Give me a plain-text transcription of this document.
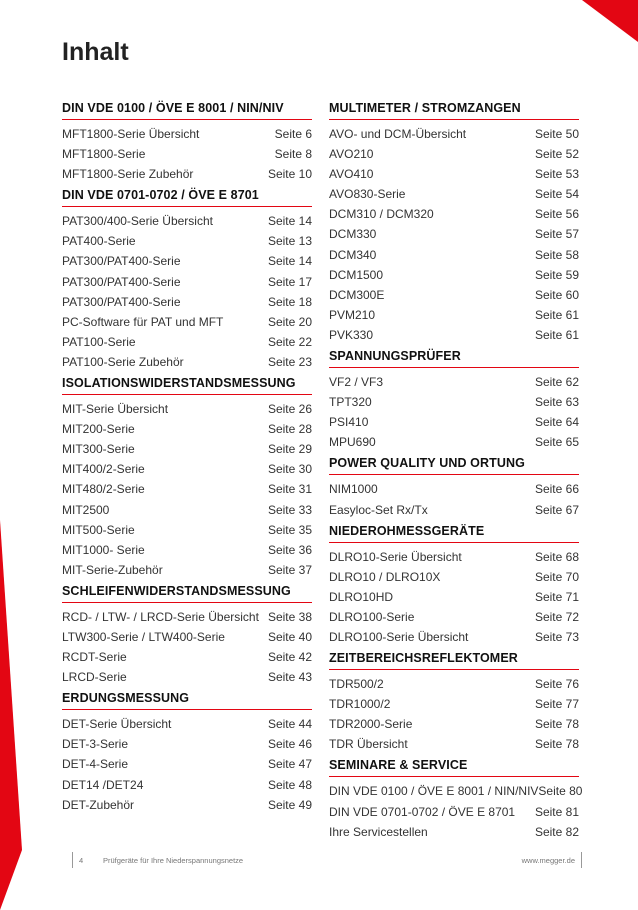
Inhalt
DIN VDE 0100 / ÖVE E 8001 / NIN/NIV
MFT1800-Serie Übersicht	Seite 6
MFT1800-Serie	Seite 8
MFT1800-Serie Zubehör	Seite 10
DIN VDE 0701-0702 / ÖVE E 8701
PAT300/400-Serie Übersicht	Seite 14
PAT400-Serie	Seite 13
PAT300/PAT400-Serie	Seite 14
PAT300/PAT400-Serie	Seite 17
PAT300/PAT400-Serie	Seite 18
PC-Software für PAT und MFT	Seite 20
PAT100-Serie	Seite 22
PAT100-Serie Zubehör	Seite 23
ISOLATIONSWIDERSTANDSMESSUNG
MIT-Serie Übersicht	Seite 26
MIT200-Serie	Seite 28
MIT300-Serie	Seite 29
MIT400/2-Serie	Seite 30
MIT480/2-Serie	Seite 31
MIT2500	Seite 33
MIT500-Serie	Seite 35
MIT1000- Serie	Seite 36
MIT-Serie-Zubehör	Seite 37
SCHLEIFENWIDERSTANDSMESSUNG
RCD- / LTW- / LRCD-Serie Übersicht Seite 38
LTW300-Serie / LTW400-Serie	Seite 40
RCDT-Serie	Seite 42
LRCD-Serie	Seite 43
ERDUNGSMESSUNG
DET-Serie Übersicht	Seite 44
DET-3-Serie	Seite 46
DET-4-Serie	Seite 47
DET14 /DET24	Seite 48
DET-Zubehör	Seite 49
MULTIMETER / STROMZANGEN
AVO- und DCM-Übersicht	Seite 50
AVO210	Seite 52
AVO410	Seite 53
AVO830-Serie	Seite 54
DCM310 / DCM320	Seite 56
DCM330	Seite 57
DCM340	Seite 58
DCM1500	Seite 59
DCM300E	Seite 60
PVM210	Seite 61
PVK330	Seite 61
SPANNUNGSPRÜFER
VF2 / VF3	Seite 62
TPT320	Seite 63
PSI410	Seite 64
MPU690	Seite 65
POWER QUALITY UND ORTUNG
NIM1000	Seite 66
Easyloc-Set Rx/Tx	Seite 67
NIEDEROHMESSGERÄTE
DLRO10-Serie Übersicht	Seite 68
DLRO10 / DLRO10X	Seite 70
DLRO10HD	Seite 71
DLRO100-Serie	Seite 72
DLRO100-Serie Übersicht	Seite 73
ZEITBEREICHSREFLEKTOMER
TDR500/2	Seite 76
TDR1000/2	Seite 77
TDR2000-Serie	Seite 78
TDR Übersicht	Seite 78
SEMINARE & SERVICE
DIN VDE 0100 / ÖVE E 8001 / NIN/NIV Seite 80
DIN VDE 0701-0702 / ÖVE E 8701 Seite 81
Ihre Servicestellen	Seite 82
4	Prüfgeräte für Ihre Niederspannungsnetze	www.megger.de
